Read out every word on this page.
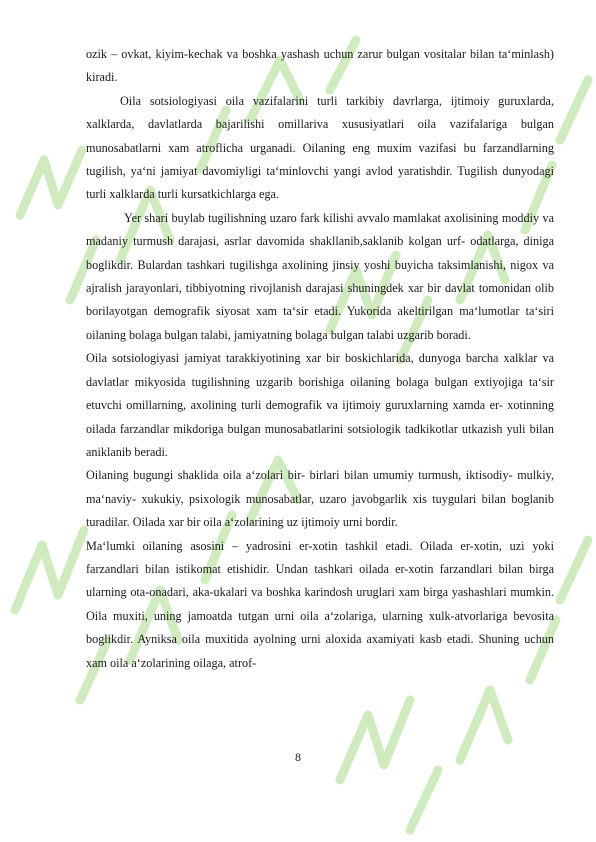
ozik – ovkat, kiyim-kechak va boshka yashash uchun zarur bulgan vositalar bilan ta‘minlash) kiradi.

Oila sotsiologiyasi oila vazifalarini turli tarkibiy davrlarga, ijtimoiy guruxlarda, xalklarda, davlatlarda bajarilishi omillariva xususiyatlari oila vazifalariga bulgan munosabatlarni xam atroflicha urganadi. Oilaning eng muxim vazifasi bu farzandlarning tugilish, ya‘ni jamiyat davomiyligi ta‘minlovchi yangi avlod yaratishdir. Tugilish dunyodagi turli xalklarda turli kursatkichlarga ega.

Yer shari buylab tugilishning uzaro fark kilishi avvalo mamlakat axolisining moddiy va madaniy turmush darajasi, asrlar davomida shakllanib,saklanib kolgan urf- odatlarga, diniga boglikdir. Bulardan tashkari tugilishga axolining jinsiy yoshi buyicha taksimlanishi, nigox va ajralish jarayonlari, tibbiyotning rivojlanish darajasi shuningdek xar bir davlat tomonidan olib borilayotgan demografik siyosat xam ta‘sir etadi. Yukorida akeltirilgan ma‘lumotlar ta‘siri oilaning bolaga bulgan talabi, jamiyatning bolaga bulgan talabi uzgarib boradi.

Oila sotsiologiyasi jamiyat tarakkiyotining xar bir boskichlarida, dunyoga barcha xalklar va davlatlar mikyosida tugilishning uzgarib borishiga oilaning bolaga bulgan extiyojiga ta‘sir etuvchi omillarning, axolining turli demografik va ijtimoiy guruxlarning xamda er- xotinning oilada farzandlar mikdoriga bulgan munosabatlarini sotsiologik tadkikotlar utkazish yuli bilan aniklanib beradi.

Oilaning bugungi shaklida oila a‘zolari bir- birlari bilan umumiy turmush, iktisodiy- mulkiy, ma‘naviy- xukukiy, psixologik munosabatlar, uzaro javobgarlik xis tuygulari bilan boglanib turadilar. Oilada xar bir oila a‘zolarining uz ijtimoiy urni bordir.

Ma‘lumki oilaning asosini – yadrosini er-xotin tashkil etadi. Oilada er-xotin, uzi yoki farzandlari bilan istikomat etishidir. Undan tashkari oilada er-xotin farzandlari bilan birga ularning ota-onadari, aka-ukalari va boshka karindosh uruglari xam birga yashashlari mumkin. Oila muxiti, uning jamoatda tutgan urni oila a‘zolariga, ularning xulk-atvorlariga bevosita boglikdir. Ayniksa oila muxitida ayolning urni aloxida axamiyati kasb etadi. Shuning uchun xam oila a‘zolarining oilaga, atrof-

8
